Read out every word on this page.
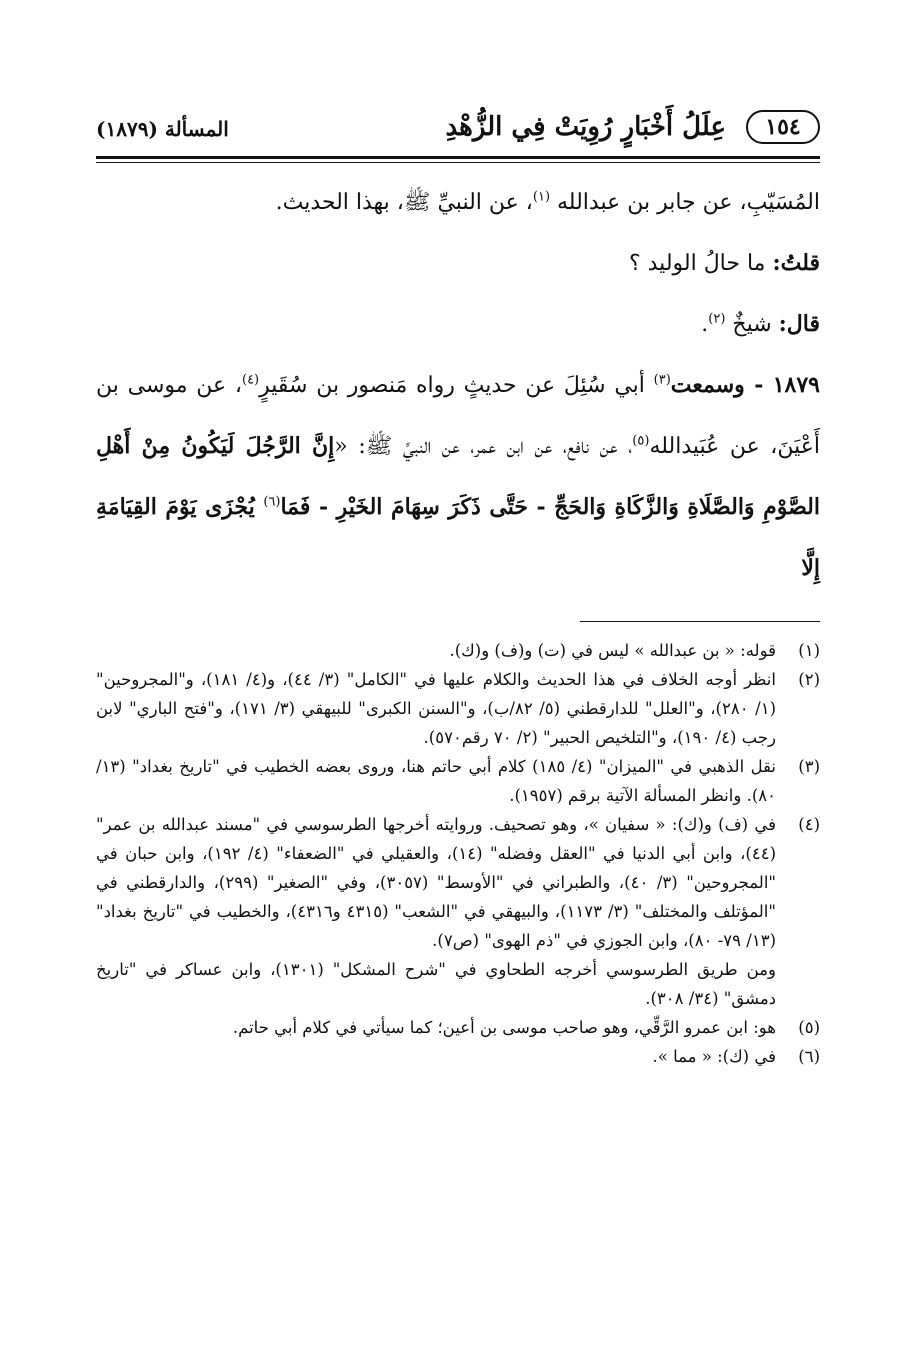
١٥٤
عِلَلُ أَخْبَارٍ رُوِيَتْ فِي الزُّهْدِ
المسألة (١٨٧٩)

المُسَيّبِ، عن جابر بن عبدالله $^{(١)}$، عن النبيِّ ﷺ، بهذا الحديث.

قلتُ: ما حالُ الوليد ؟

قال: شيخٌ $^{(٢)}$.

١٨٧٩ - وسمعت$^{(٣)}$ أبي سُئِلَ عن حديثٍ رواه مَنصور بن سُقَيرٍ$^{(٤)}$، عن موسى بن أَعْيَنَ، عن عُبَيدالله$^{(٥)}$، عن نافع، عن ابن عمر، عن النبيِّ ﷺ: «إِنَّ الرَّجُلَ لَيَكُونُ مِنْ أَهْلِ الصَّوْمِ وَالصَّلَاةِ وَالزَّكَاةِ وَالحَجِّ - حَتَّى ذَكَرَ سِهَامَ الخَيْرِ - فَمَا$^{(٦)}$ يُجْزَى يَوْمَ القِيَامَةِ إِلَّا

(١)
قوله: « بن عبدالله » ليس في (ت) و(ف) و(ك).
(٢)
انظر أوجه الخلاف في هذا الحديث والكلام عليها في "الكامل" (٣/ ٤٤)، و(٤/ ١٨١)، و"المجروحين" (١/ ٢٨٠)، و"العلل" للدارقطني (٥/ ٨٢/ب)، و"السنن الكبرى" للبيهقي (٣/ ١٧١)، و"فتح الباري" لابن رجب (٤/ ١٩٠)، و"التلخيص الحبير" (٢/ ٧٠ رقم٥٧٠).
(٣)
نقل الذهبي في "الميزان" (٤/ ١٨٥) كلام أبي حاتم هنا، وروى بعضه الخطيب في "تاريخ بغداد" (١٣/ ٨٠). وانظر المسألة الآتية برقم (١٩٥٧).
(٤)
في (ف) و(ك): « سفيان »، وهو تصحيف. وروايته أخرجها الطرسوسي في "مسند عبدالله بن عمر" (٤٤)، وابن أبي الدنيا في "العقل وفضله" (١٤)، والعقيلي في "الضعفاء" (٤/ ١٩٢)، وابن حبان في "المجروحين" (٣/ ٤٠)، والطبراني في "الأوسط" (٣٠٥٧)، وفي "الصغير" (٢٩٩)، والدارقطني في "المؤتلف والمختلف" (٣/ ١١٧٣)، والبيهقي في "الشعب" (٤٣١٥ و٤٣١٦)، والخطيب في "تاريخ بغداد" (١٣/ ٧٩- ٨٠)، وابن الجوزي في "ذم الهوى" (ص٧).
ومن طريق الطرسوسي أخرجه الطحاوي في "شرح المشكل" (١٣٠١)، وابن عساكر في "تاريخ دمشق" (٣٤/ ٣٠٨).
(٥)
هو: ابن عمرو الرَّقِّي، وهو صاحب موسى بن أعين؛ كما سيأتي في كلام أبي حاتم.
(٦)
في (ك): « مما ».
